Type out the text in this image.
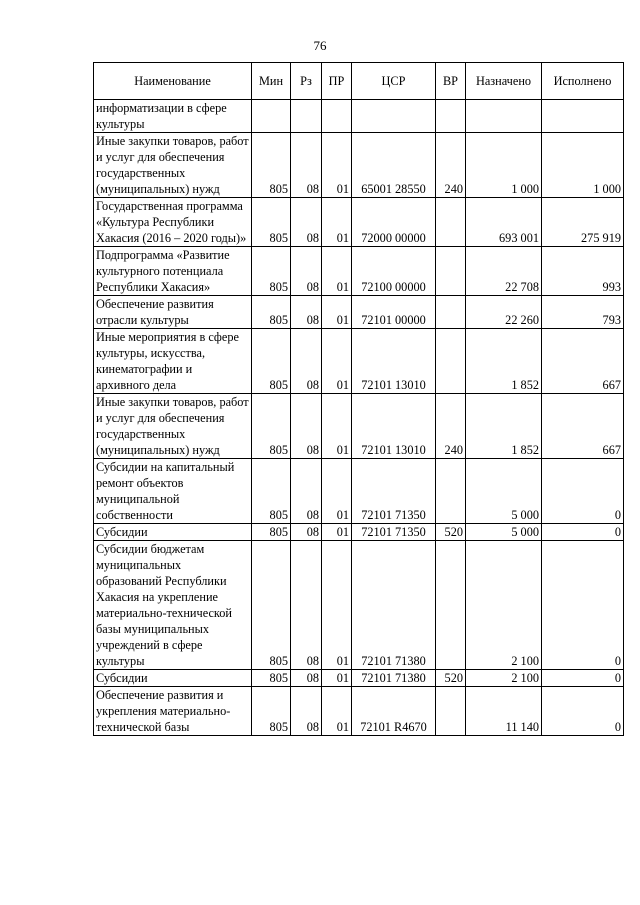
76
Наименование	Мин	Рз	ПР	ЦСР	ВР	Назначено	Исполнено
информатизации в сфере культуры							
Иные закупки товаров, работ и услуг для обеспечения государственных (муниципальных) нужд	805	08	01	65001 28550	240	1 000	1 000
Государственная программа «Культура Республики Хакасия (2016 – 2020 годы)»	805	08	01	72000 00000		693 001	275 919
Подпрограмма «Развитие культурного потенциала Республики Хакасия»	805	08	01	72100 00000		22 708	993
Обеспечение развития отрасли культуры	805	08	01	72101 00000		22 260	793
Иные мероприятия в сфере культуры, искусства, кинематографии и архивного дела	805	08	01	72101 13010		1 852	667
Иные закупки товаров, работ и услуг для обеспечения государственных (муниципальных) нужд	805	08	01	72101 13010	240	1 852	667
Субсидии на капитальный ремонт объектов муниципальной собственности	805	08	01	72101 71350		5 000	0
Субсидии	805	08	01	72101 71350	520	5 000	0
Субсидии бюджетам муниципальных образований Республики Хакасия на укрепление материально-технической базы муниципальных учреждений в сфере культуры	805	08	01	72101 71380		2 100	0
Субсидии	805	08	01	72101 71380	520	2 100	0
Обеспечение развития и укрепления материально-технической базы	805	08	01	72101 R4670		11 140	0
